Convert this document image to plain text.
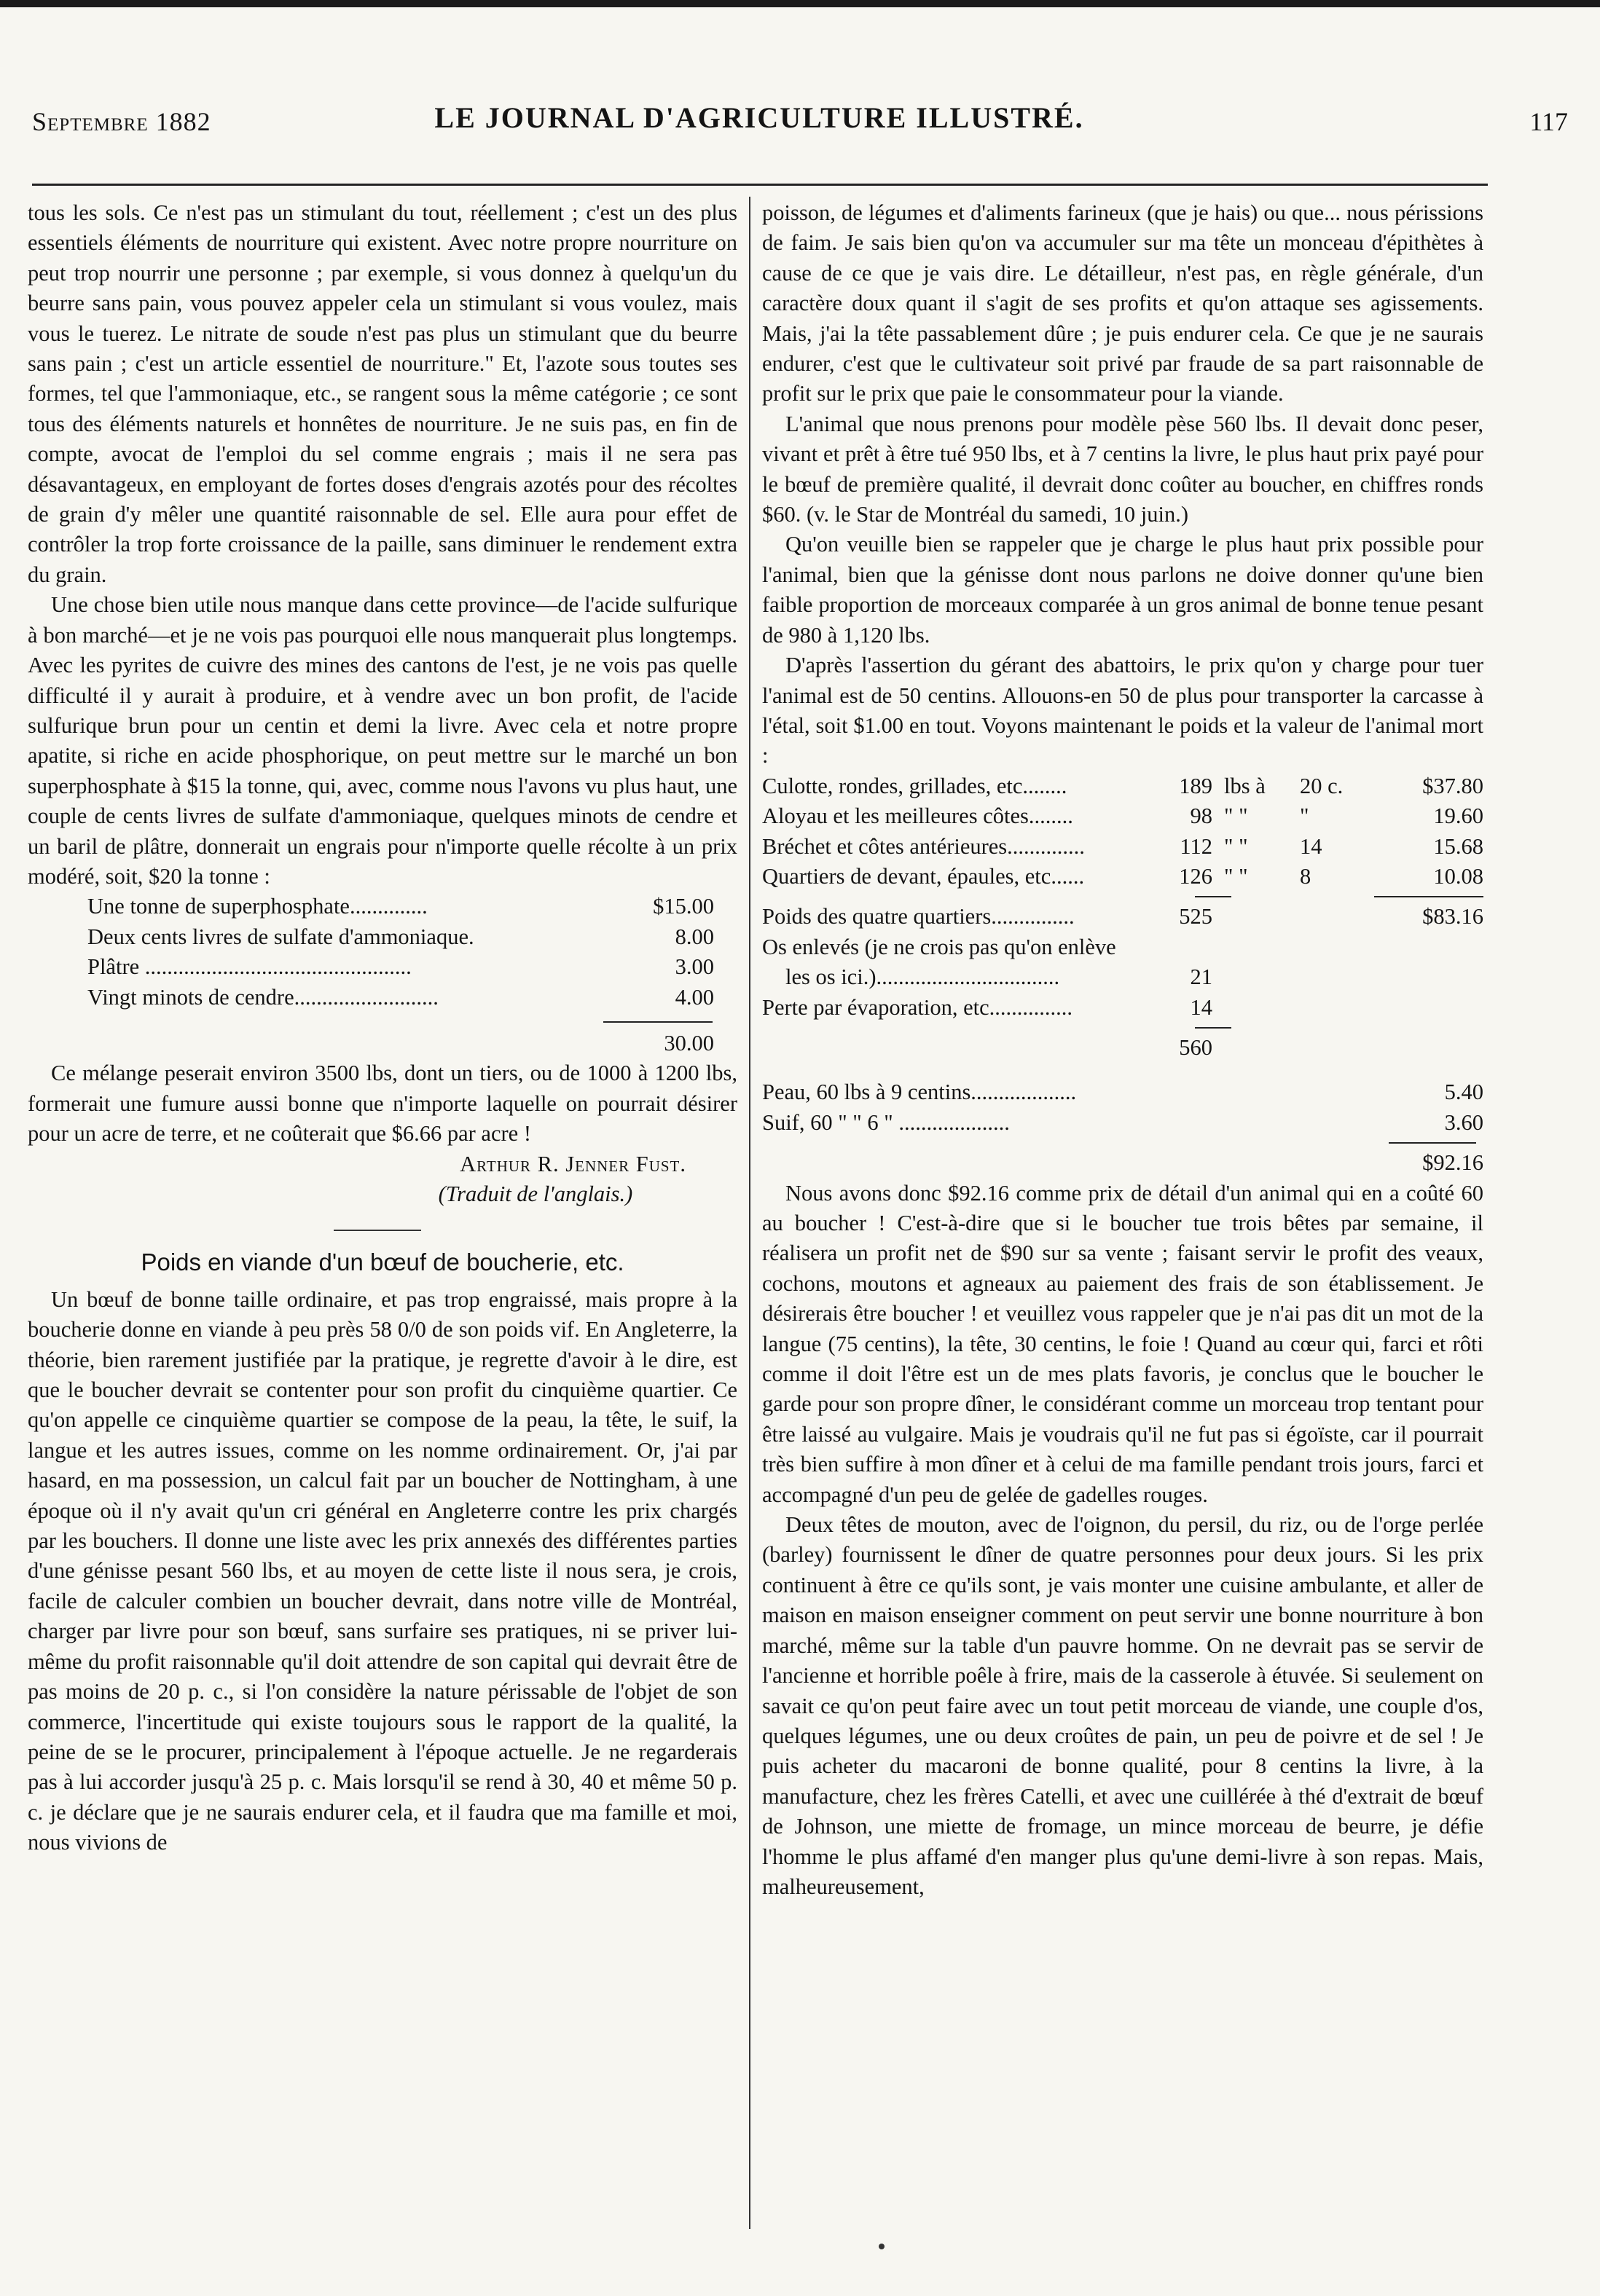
Septembre 1882	LE JOURNAL D'AGRICULTURE ILLUSTRÉ.	117

tous les sols. Ce n'est pas un stimulant du tout, réellement ; c'est un des plus essentiels éléments de nourriture qui existent. Avec notre propre nourriture on peut trop nourrir une personne ; par exemple, si vous donnez à quelqu'un du beurre sans pain, vous pouvez appeler cela un stimulant si vous voulez, mais vous le tuerez. Le nitrate de soude n'est pas plus un stimulant que du beurre sans pain ; c'est un article essentiel de nourriture." Et, l'azote sous toutes ses formes, tel que l'ammoniaque, etc., se rangent sous la même catégorie ; ce sont tous des éléments naturels et honnêtes de nourriture. Je ne suis pas, en fin de compte, avocat de l'emploi du sel comme engrais ; mais il ne sera pas désavantageux, en employant de fortes doses d'engrais azotés pour des récoltes de grain d'y mêler une quantité raisonnable de sel. Elle aura pour effet de contrôler la trop forte croissance de la paille, sans diminuer le rendement extra du grain.

Une chose bien utile nous manque dans cette province—de l'acide sulfurique à bon marché—et je ne vois pas pourquoi elle nous manquerait plus longtemps. Avec les pyrites de cuivre des mines des cantons de l'est, je ne vois pas quelle difficulté il y aurait à produire, et à vendre avec un bon profit, de l'acide sulfurique brun pour un centin et demi la livre. Avec cela et notre propre apatite, si riche en acide phosphorique, on peut mettre sur le marché un bon superphosphate à $15 la tonne, qui, avec, comme nous l'avons vu plus haut, une couple de cents livres de sulfate d'ammoniaque, quelques minots de cendre et un baril de plâtre, donnerait un engrais pour n'importe quelle récolte à un prix modéré, soit, $20 la tonne :

Une tonne de superphosphate..............	$15.00
Deux cents livres de sulfate d'ammoniaque.	8.00
Plâtre ................................................	3.00
Vingt minots de cendre..........................	4.00
30.00

Ce mélange peserait environ 3500 lbs, dont un tiers, ou de 1000 à 1200 lbs, formerait une fumure aussi bonne que n'importe laquelle on pourrait désirer pour un acre de terre, et ne coûterait que $6.66 par acre !

Arthur R. Jenner Fust.
(Traduit de l'anglais.)
Poids en viande d'un bœuf de boucherie, etc.

Un bœuf de bonne taille ordinaire, et pas trop engraissé, mais propre à la boucherie donne en viande à peu près 58 0/0 de son poids vif. En Angleterre, la théorie, bien rarement justifiée par la pratique, je regrette d'avoir à le dire, est que le boucher devrait se contenter pour son profit du cinquième quartier. Ce qu'on appelle ce cinquième quartier se compose de la peau, la tête, le suif, la langue et les autres issues, comme on les nomme ordinairement. Or, j'ai par hasard, en ma possession, un calcul fait par un boucher de Nottingham, à une époque où il n'y avait qu'un cri général en Angleterre contre les prix chargés par les bouchers. Il donne une liste avec les prix annexés des différentes parties d'une génisse pesant 560 lbs, et au moyen de cette liste il nous sera, je crois, facile de calculer combien un boucher devrait, dans notre ville de Montréal, charger par livre pour son bœuf, sans surfaire ses pratiques, ni se priver lui-même du profit raisonnable qu'il doit attendre de son capital qui devrait être de pas moins de 20 p. c., si l'on considère la nature périssable de l'objet de son commerce, l'incertitude qui existe toujours sous le rapport de la qualité, la peine de se le procurer, principalement à l'époque actuelle. Je ne regarderais pas à lui accorder jusqu'à 25 p. c. Mais lorsqu'il se rend à 30, 40 et même 50 p. c. je déclare que je ne saurais endurer cela, et il faudra que ma famille et moi, nous vivions de

poisson, de légumes et d'aliments farineux (que je hais) ou que... nous périssions de faim. Je sais bien qu'on va accumuler sur ma tête un monceau d'épithètes à cause de ce que je vais dire. Le détailleur, n'est pas, en règle générale, d'un caractère doux quant il s'agit de ses profits et qu'on attaque ses agissements. Mais, j'ai la tête passablement dûre ; je puis endurer cela. Ce que je ne saurais endurer, c'est que le cultivateur soit privé par fraude de sa part raisonnable de profit sur le prix que paie le consommateur pour la viande.

L'animal que nous prenons pour modèle pèse 560 lbs. Il devait donc peser, vivant et prêt à être tué 950 lbs, et à 7 centins la livre, le plus haut prix payé pour le bœuf de première qualité, il devrait donc coûter au boucher, en chiffres ronds $60. (v. le Star de Montréal du samedi, 10 juin.)

Qu'on veuille bien se rappeler que je charge le plus haut prix possible pour l'animal, bien que la génisse dont nous parlons ne doive donner qu'une bien faible proportion de morceaux comparée à un gros animal de bonne tenue pesant de 980 à 1,120 lbs.

D'après l'assertion du gérant des abattoirs, le prix qu'on y charge pour tuer l'animal est de 50 centins. Allouons-en 50 de plus pour transporter la carcasse à l'étal, soit $1.00 en tout. Voyons maintenant le poids et la valeur de l'animal mort :

Culotte, rondes, grillades, etc........	189 lbs à	20 c.	$37.80
Aloyau et les meilleures côtes........	98 " "	"	19.60
Bréchet et côtes antérieures..............	112 " "	14	15.68
Quartiers de devant, épaules, etc......	126 " "	8	10.08
Poids des quatre quartiers...............	525	$83.16
Os enlevés (je ne crois pas qu'on enlève
les os ici.).................................	21
Perte par évaporation, etc...............	14
560
Peau, 60 lbs à 9 centins...................	5.40
Suif, 60 " " 6 " ....................	3.60
$92.16

Nous avons donc $92.16 comme prix de détail d'un animal qui en a coûté 60 au boucher ! C'est-à-dire que si le boucher tue trois bêtes par semaine, il réalisera un profit net de $90 sur sa vente ; faisant servir le profit des veaux, cochons, moutons et agneaux au paiement des frais de son établissement. Je désirerais être boucher ! et veuillez vous rappeler que je n'ai pas dit un mot de la langue (75 centins), la tête, 30 centins, le foie ! Quand au cœur qui, farci et rôti comme il doit l'être est un de mes plats favoris, je conclus que le boucher le garde pour son propre dîner, le considérant comme un morceau trop tentant pour être laissé au vulgaire. Mais je voudrais qu'il ne fut pas si égoïste, car il pourrait très bien suffire à mon dîner et à celui de ma famille pendant trois jours, farci et accompagné d'un peu de gelée de gadelles rouges.

Deux têtes de mouton, avec de l'oignon, du persil, du riz, ou de l'orge perlée (barley) fournissent le dîner de quatre personnes pour deux jours. Si les prix continuent à être ce qu'ils sont, je vais monter une cuisine ambulante, et aller de maison en maison enseigner comment on peut servir une bonne nourriture à bon marché, même sur la table d'un pauvre homme. On ne devrait pas se servir de l'ancienne et horrible poêle à frire, mais de la casserole à étuvée. Si seulement on savait ce qu'on peut faire avec un tout petit morceau de viande, une couple d'os, quelques légumes, une ou deux croûtes de pain, un peu de poivre et de sel ! Je puis acheter du macaroni de bonne qualité, pour 8 centins la livre, à la manufacture, chez les frères Catelli, et avec une cuillérée à thé d'extrait de bœuf de Johnson, une miette de fromage, un mince morceau de beurre, je défie l'homme le plus affamé d'en manger plus qu'une demi-livre à son repas. Mais, malheureusement,
